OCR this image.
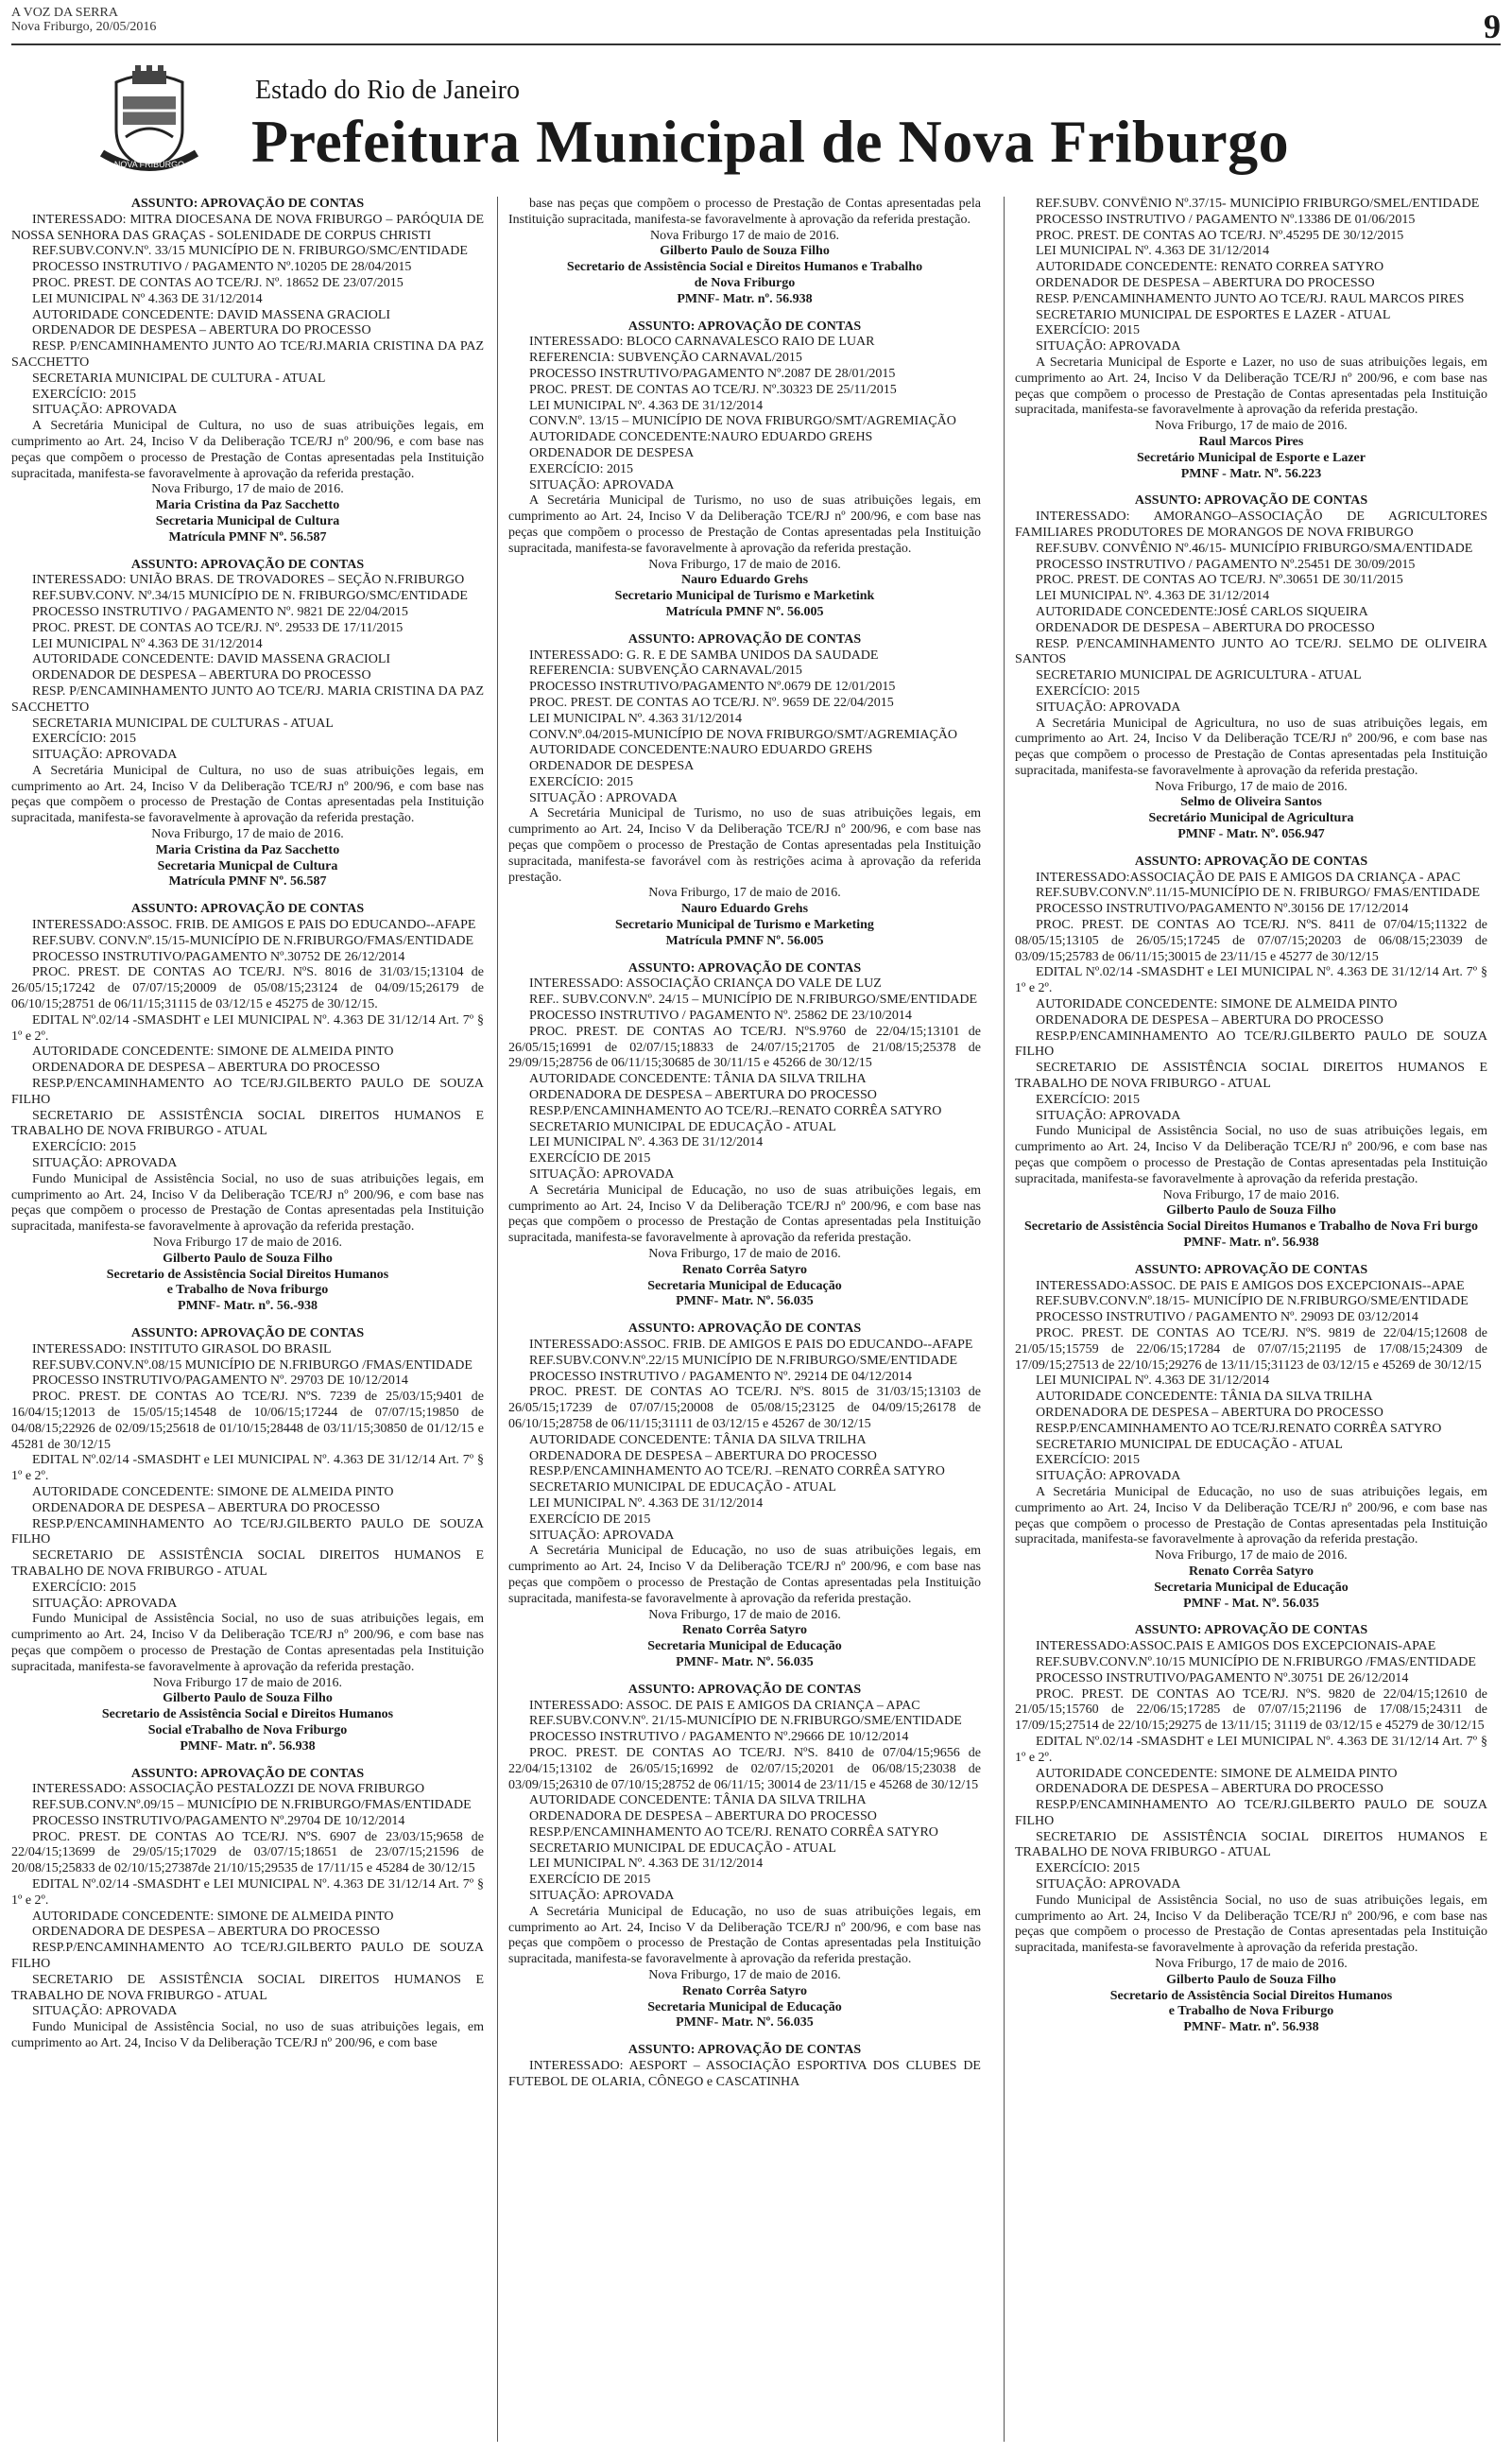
A VOZ DA SERRA
Nova Friburgo, 20/05/2016	9
NOVA FRIBURGO
Estado do Rio de Janeiro
Prefeitura Municipal de Nova Friburgo

ASSUNTO: APROVAÇÃO DE CONTAS

INTERESSADO: MITRA DIOCESANA DE NOVA FRIBURGO – PARÓQUIA DE NOSSA SENHORA DAS GRAÇAS - SOLENIDADE DE CORPUS CHRISTI

REF.SUBV.CONV.Nº. 33/15 MUNICÍPIO DE N. FRIBURGO/SMC/ENTIDADE

PROCESSO INSTRUTIVO / PAGAMENTO Nº.10205 DE 28/04/2015

PROC. PREST. DE CONTAS AO TCE/RJ. Nº. 18652 DE 23/07/2015

LEI MUNICIPAL Nº 4.363 DE 31/12/2014

AUTORIDADE CONCEDENTE: DAVID MASSENA GRACIOLI

ORDENADOR DE DESPESA – ABERTURA DO PROCESSO

RESP. P/ENCAMINHAMENTO JUNTO AO TCE/RJ.MARIA CRISTINA DA PAZ SACCHETTO

SECRETARIA MUNICIPAL DE CULTURA - ATUAL

EXERCÍCIO: 2015

SITUAÇÃO: APROVADA

A Secretária Municipal de Cultura, no uso de suas atribuições legais, em cumprimento ao Art. 24, Inciso V da Deliberação TCE/RJ nº 200/96, e com base nas peças que compõem o processo de Prestação de Contas apresentadas pela Instituição supracitada, manifesta-se favoravelmente à aprovação da referida prestação.

Nova Friburgo, 17 de maio de 2016.

Maria Cristina da Paz Sacchetto

Secretaria Municipal de Cultura

Matrícula PMNF Nº. 56.587

ASSUNTO: APROVAÇÃO DE CONTAS

INTERESSADO: UNIÃO BRAS. DE TROVADORES – SEÇÃO N.FRIBURGO

REF.SUBV.CONV. Nº.34/15 MUNICÍPIO DE N. FRIBURGO/SMC/ENTIDADE

PROCESSO INSTRUTIVO / PAGAMENTO Nº. 9821 DE 22/04/2015

PROC. PREST. DE CONTAS AO TCE/RJ. Nº. 29533 DE 17/11/2015

LEI MUNICIPAL Nº 4.363 DE 31/12/2014

AUTORIDADE CONCEDENTE: DAVID MASSENA GRACIOLI

ORDENADOR DE DESPESA – ABERTURA DO PROCESSO

RESP. P/ENCAMINHAMENTO JUNTO AO TCE/RJ. MARIA CRISTINA DA PAZ SACCHETTO

SECRETARIA MUNICIPAL DE CULTURAS - ATUAL

EXERCÍCIO: 2015

SITUAÇÃO: APROVADA

A Secretária Municipal de Cultura, no uso de suas atribuições legais, em cumprimento ao Art. 24, Inciso V da Deliberação TCE/RJ nº 200/96, e com base nas peças que compõem o processo de Prestação de Contas apresentadas pela Instituição supracitada, manifesta-se favoravelmente à aprovação da referida prestação.

Nova Friburgo, 17 de maio de 2016.

Maria Cristina da Paz Sacchetto

Secretaria Municpal de Cultura

Matrícula PMNF Nº. 56.587

ASSUNTO: APROVAÇÃO DE CONTAS

INTERESSADO:ASSOC. FRIB. DE AMIGOS E PAIS DO EDUCANDO--AFAPE

REF.SUBV. CONV.Nº.15/15-MUNICÍPIO DE N.FRIBURGO/FMAS/ENTIDADE

PROCESSO INSTRUTIVO/PAGAMENTO Nº.30752 DE 26/12/2014

PROC. PREST. DE CONTAS AO TCE/RJ. NºS. 8016 de 31/03/15;13104 de 26/05/15;17242 de 07/07/15;20009 de 05/08/15;23124 de 04/09/15;26179 de 06/10/15;28751 de 06/11/15;31115 de 03/12/15 e 45275 de 30/12/15.

EDITAL Nº.02/14 -SMASDHT e LEI MUNICIPAL Nº. 4.363 DE 31/12/14 Art. 7º § 1º e 2º.

AUTORIDADE CONCEDENTE: SIMONE DE ALMEIDA PINTO

ORDENADORA DE DESPESA – ABERTURA DO PROCESSO

RESP.P/ENCAMINHAMENTO AO TCE/RJ.GILBERTO PAULO DE SOUZA FILHO

SECRETARIO DE ASSISTÊNCIA SOCIAL DIREITOS HUMANOS E TRABALHO DE NOVA FRIBURGO - ATUAL

EXERCÍCIO: 2015

SITUAÇÃO: APROVADA

Fundo Municipal de Assistência Social, no uso de suas atribuições legais, em cumprimento ao Art. 24, Inciso V da Deliberação TCE/RJ nº 200/96, e com base nas peças que compõem o processo de Prestação de Contas apresentadas pela Instituição supracitada, manifesta-se favoravelmente à aprovação da referida prestação.

Nova Friburgo 17 de maio de 2016.

Gilberto Paulo de Souza Filho

Secretario de Assistência Social Direitos Humanos

e Trabalho de Nova friburgo

PMNF- Matr. nº. 56.-938

ASSUNTO: APROVAÇÃO DE CONTAS

INTERESSADO: INSTITUTO GIRASOL DO BRASIL

REF.SUBV.CONV.Nº.08/15 MUNICÍPIO DE N.FRIBURGO /FMAS/ENTIDADE

PROCESSO INSTRUTIVO/PAGAMENTO Nº. 29703 DE 10/12/2014

PROC. PREST. DE CONTAS AO TCE/RJ. NºS. 7239 de 25/03/15;9401 de 16/04/15;12013 de 15/05/15;14548 de 10/06/15;17244 de 07/07/15;19850 de 04/08/15;22926 de 02/09/15;25618 de 01/10/15;28448 de 03/11/15;30850 de 01/12/15 e 45281 de 30/12/15

EDITAL Nº.02/14 -SMASDHT e LEI MUNICIPAL Nº. 4.363 DE 31/12/14 Art. 7º § 1º e 2º.

AUTORIDADE CONCEDENTE: SIMONE DE ALMEIDA PINTO

ORDENADORA DE DESPESA – ABERTURA DO PROCESSO

RESP.P/ENCAMINHAMENTO AO TCE/RJ.GILBERTO PAULO DE SOUZA FILHO

SECRETARIO DE ASSISTÊNCIA SOCIAL DIREITOS HUMANOS E TRABALHO DE NOVA FRIBURGO - ATUAL

EXERCÍCIO: 2015

SITUAÇÃO: APROVADA

Fundo Municipal de Assistência Social, no uso de suas atribuições legais, em cumprimento ao Art. 24, Inciso V da Deliberação TCE/RJ nº 200/96, e com base nas peças que compõem o processo de Prestação de Contas apresentadas pela Instituição supracitada, manifesta-se favoravelmente à aprovação da referida prestação.

Nova Friburgo 17 de maio de 2016.

Gilberto Paulo de Souza Filho

Secretario de Assistência Social e Direitos Humanos

Social eTrabalho de Nova Friburgo

PMNF- Matr. nº. 56.938

ASSUNTO: APROVAÇÃO DE CONTAS

INTERESSADO: ASSOCIAÇÃO PESTALOZZI DE NOVA FRIBURGO

REF.SUB.CONV.Nº.09/15 – MUNICÍPIO DE N.FRIBURGO/FMAS/ENTIDADE

PROCESSO INSTRUTIVO/PAGAMENTO Nº.29704 DE 10/12/2014

PROC. PREST. DE CONTAS AO TCE/RJ. NºS. 6907 de 23/03/15;9658 de 22/04/15;13699 de 29/05/15;17029 de 03/07/15;18651 de 23/07/15;21596 de 20/08/15;25833 de 02/10/15;27387de 21/10/15;29535 de 17/11/15 e 45284 de 30/12/15

EDITAL Nº.02/14 -SMASDHT e LEI MUNICIPAL Nº. 4.363 DE 31/12/14 Art. 7º § 1º e 2º.

AUTORIDADE CONCEDENTE: SIMONE DE ALMEIDA PINTO

ORDENADORA DE DESPESA – ABERTURA DO PROCESSO

RESP.P/ENCAMINHAMENTO AO TCE/RJ.GILBERTO PAULO DE SOUZA FILHO

SECRETARIO DE ASSISTÊNCIA SOCIAL DIREITOS HUMANOS E TRABALHO DE NOVA FRIBURGO - ATUAL

SITUAÇÃO: APROVADA

Fundo Municipal de Assistência Social, no uso de suas atribuições legais, em cumprimento ao Art. 24, Inciso V da Deliberação TCE/RJ nº 200/96, e com base

base nas peças que compõem o processo de Prestação de Contas apresentadas pela Instituição supracitada, manifesta-se favoravelmente à aprovação da referida prestação.

Nova Friburgo 17 de maio de 2016.

Gilberto Paulo de Souza Filho

Secretario de Assistência Social e Direitos Humanos e Trabalho

de Nova Friburgo

PMNF- Matr. nº. 56.938

ASSUNTO: APROVAÇÃO DE CONTAS

INTERESSADO: BLOCO CARNAVALESCO RAIO DE LUAR

REFERENCIA: SUBVENÇÃO CARNAVAL/2015

PROCESSO INSTRUTIVO/PAGAMENTO Nº.2087 DE 28/01/2015

PROC. PREST. DE CONTAS AO TCE/RJ. Nº.30323 DE 25/11/2015

LEI MUNICIPAL Nº. 4.363 DE 31/12/2014

CONV.Nº. 13/15 – MUNICÍPIO DE NOVA FRIBURGO/SMT/AGREMIAÇÃO

AUTORIDADE CONCEDENTE:NAURO EDUARDO GREHS

ORDENADOR DE DESPESA

EXERCÍCIO: 2015

SITUAÇÃO: APROVADA

A Secretária Municipal de Turismo, no uso de suas atribuições legais, em cumprimento ao Art. 24, Inciso V da Deliberação TCE/RJ nº 200/96, e com base nas peças que compõem o processo de Prestação de Contas apresentadas pela Instituição supracitada, manifesta-se favoravelmente à aprovação da referida prestação.

Nova Friburgo, 17 de maio de 2016.

Nauro Eduardo Grehs

Secretario Municipal de Turismo e Marketink

Matrícula PMNF Nº. 56.005

ASSUNTO: APROVAÇÃO DE CONTAS

INTERESSADO: G. R. E DE SAMBA UNIDOS DA SAUDADE

REFERENCIA: SUBVENÇÃO CARNAVAL/2015

PROCESSO INSTRUTIVO/PAGAMENTO Nº.0679 DE 12/01/2015

PROC. PREST. DE CONTAS AO TCE/RJ. Nº. 9659 DE 22/04/2015

LEI MUNICIPAL Nº. 4.363 31/12/2014

CONV.Nº.04/2015-MUNICÍPIO DE NOVA FRIBURGO/SMT/AGREMIAÇÃO

AUTORIDADE CONCEDENTE:NAURO EDUARDO GREHS

ORDENADOR DE DESPESA

EXERCÍCIO: 2015

SITUAÇÃO : APROVADA

A Secretária Municipal de Turismo, no uso de suas atribuições legais, em cumprimento ao Art. 24, Inciso V da Deliberação TCE/RJ nº 200/96, e com base nas peças que compõem o processo de Prestação de Contas apresentadas pela Instituição supracitada, manifesta-se favorável com às restrições acima à aprovação da referida prestação.

Nova Friburgo, 17 de maio de 2016.

Nauro Eduardo Grehs

Secretario Municipal de Turismo e Marketing

Matrícula PMNF Nº. 56.005

ASSUNTO: APROVAÇÃO DE CONTAS

INTERESSADO: ASSOCIAÇÃO CRIANÇA DO VALE DE LUZ

REF.. SUBV.CONV.Nº. 24/15 – MUNICÍPIO DE N.FRIBURGO/SME/ENTIDADE

PROCESSO INSTRUTIVO / PAGAMENTO Nº. 25862 DE 23/10/2014

PROC. PREST. DE CONTAS AO TCE/RJ. NºS.9760 de 22/04/15;13101 de 26/05/15;16991 de 02/07/15;18833 de 24/07/15;21705 de 21/08/15;25378 de 29/09/15;28756 de 06/11/15;30685 de 30/11/15 e 45266 de 30/12/15

AUTORIDADE CONCEDENTE: TÂNIA DA SILVA TRILHA

ORDENADORA DE DESPESA – ABERTURA DO PROCESSO

RESP.P/ENCAMINHAMENTO AO TCE/RJ.–RENATO CORRÊA SATYRO

SECRETARIO MUNICIPAL DE EDUCAÇÃO - ATUAL

LEI MUNICIPAL Nº. 4.363 DE 31/12/2014

EXERCÍCIO DE 2015

SITUAÇÃO: APROVADA

A Secretária Municipal de Educação, no uso de suas atribuições legais, em cumprimento ao Art. 24, Inciso V da Deliberação TCE/RJ nº 200/96, e com base nas peças que compõem o processo de Prestação de Contas apresentadas pela Instituição supracitada, manifesta-se favoravelmente à aprovação da referida prestação.

Nova Friburgo, 17 de maio de 2016.

Renato Corrêa Satyro

Secretaria Municipal de Educação

PMNF- Matr. Nº. 56.035

ASSUNTO: APROVAÇÃO DE CONTAS

INTERESSADO:ASSOC. FRIB. DE AMIGOS E PAIS DO EDUCANDO--AFAPE

REF.SUBV.CONV.Nº.22/15 MUNICÍPIO DE N.FRIBURGO/SME/ENTIDADE

PROCESSO INSTRUTIVO / PAGAMENTO Nº. 29214 DE 04/12/2014

PROC. PREST. DE CONTAS AO TCE/RJ. NºS. 8015 de 31/03/15;13103 de 26/05/15;17239 de 07/07/15;20008 de 05/08/15;23125 de 04/09/15;26178 de 06/10/15;28758 de 06/11/15;31111 de 03/12/15 e 45267 de 30/12/15

AUTORIDADE CONCEDENTE: TÂNIA DA SILVA TRILHA

ORDENADORA DE DESPESA – ABERTURA DO PROCESSO

RESP.P/ENCAMINHAMENTO AO TCE/RJ. –RENATO CORRÊA SATYRO

SECRETARIO MUNICIPAL DE EDUCAÇÃO - ATUAL

LEI MUNICIPAL Nº. 4.363 DE 31/12/2014

EXERCÍCIO DE 2015

SITUAÇÃO: APROVADA

A Secretária Municipal de Educação, no uso de suas atribuições legais, em cumprimento ao Art. 24, Inciso V da Deliberação TCE/RJ nº 200/96, e com base nas peças que compõem o processo de Prestação de Contas apresentadas pela Instituição supracitada, manifesta-se favoravelmente à aprovação da referida prestação.

Nova Friburgo, 17 de maio de 2016.

Renato Corrêa Satyro

Secretaria Municipal de Educação

PMNF- Matr. Nº. 56.035

ASSUNTO: APROVAÇÃO DE CONTAS

INTERESSADO: ASSOC. DE PAIS E AMIGOS DA CRIANÇA – APAC

REF.SUBV.CONV.Nº. 21/15-MUNICÍPIO DE N.FRIBURGO/SME/ENTIDADE

PROCESSO INSTRUTIVO / PAGAMENTO Nº.29666 DE 10/12/2014

PROC. PREST. DE CONTAS AO TCE/RJ. NºS. 8410 de 07/04/15;9656 de 22/04/15;13102 de 26/05/15;16992 de 02/07/15;20201 de 06/08/15;23038 de 03/09/15;26310 de 07/10/15;28752 de 06/11/15; 30014 de 23/11/15 e 45268 de 30/12/15

AUTORIDADE CONCEDENTE: TÂNIA DA SILVA TRILHA

ORDENADORA DE DESPESA – ABERTURA DO PROCESSO

RESP.P/ENCAMINHAMENTO AO TCE/RJ. RENATO CORRÊA SATYRO

SECRETARIO MUNICIPAL DE EDUCAÇÃO - ATUAL

LEI MUNICIPAL Nº. 4.363 DE 31/12/2014

EXERCÍCIO DE 2015

SITUAÇÃO: APROVADA

A Secretária Municipal de Educação, no uso de suas atribuições legais, em cumprimento ao Art. 24, Inciso V da Deliberação TCE/RJ nº 200/96, e com base nas peças que compõem o processo de Prestação de Contas apresentadas pela Instituição supracitada, manifesta-se favoravelmente à aprovação da referida prestação.

Nova Friburgo, 17 de maio de 2016.

Renato Corrêa Satyro

Secretaria Municipal de Educação

PMNF- Matr. Nº. 56.035

ASSUNTO: APROVAÇÃO DE CONTAS

INTERESSADO: AESPORT – ASSOCIAÇÃO ESPORTIVA DOS CLUBES DE FUTEBOL DE OLARIA, CÔNEGO e CASCATINHA

REF.SUBV. CONVÊNIO Nº.37/15- MUNICÍPIO FRIBURGO/SMEL/ENTIDADE

PROCESSO INSTRUTIVO / PAGAMENTO Nº.13386 DE 01/06/2015

PROC. PREST. DE CONTAS AO TCE/RJ. Nº.45295 DE 30/12/2015

LEI MUNICIPAL Nº. 4.363 DE 31/12/2014

AUTORIDADE CONCEDENTE: RENATO CORREA SATYRO

ORDENADOR DE DESPESA – ABERTURA DO PROCESSO

RESP. P/ENCAMINHAMENTO JUNTO AO TCE/RJ. RAUL MARCOS PIRES

SECRETARIO MUNICIPAL DE ESPORTES E LAZER - ATUAL

EXERCÍCIO: 2015

SITUAÇÃO: APROVADA

A Secretaria Municipal de Esporte e Lazer, no uso de suas atribuições legais, em cumprimento ao Art. 24, Inciso V da Deliberação TCE/RJ nº 200/96, e com base nas peças que compõem o processo de Prestação de Contas apresentadas pela Instituição supracitada, manifesta-se favoravelmente à aprovação da referida prestação.

Nova Friburgo, 17 de maio de 2016.

Raul Marcos Pires

Secretário Municipal de Esporte e Lazer

PMNF - Matr. Nº. 56.223

ASSUNTO: APROVAÇÃO DE CONTAS

INTERESSADO: AMORANGO–ASSOCIAÇÃO DE AGRICULTORES FAMILIARES PRODUTORES DE MORANGOS DE NOVA FRIBURGO

REF.SUBV. CONVÊNIO Nº.46/15- MUNICÍPIO FRIBURGO/SMA/ENTIDADE

PROCESSO INSTRUTIVO / PAGAMENTO Nº.25451 DE 30/09/2015

PROC. PREST. DE CONTAS AO TCE/RJ. Nº.30651 DE 30/11/2015

LEI MUNICIPAL Nº. 4.363 DE 31/12/2014

AUTORIDADE CONCEDENTE:JOSÉ CARLOS SIQUEIRA

ORDENADOR DE DESPESA – ABERTURA DO PROCESSO

RESP. P/ENCAMINHAMENTO JUNTO AO TCE/RJ. SELMO DE OLIVEIRA SANTOS

SECRETARIO MUNICIPAL DE AGRICULTURA - ATUAL

EXERCÍCIO: 2015

SITUAÇÃO: APROVADA

A Secretária Municipal de Agricultura, no uso de suas atribuições legais, em cumprimento ao Art. 24, Inciso V da Deliberação TCE/RJ nº 200/96, e com base nas peças que compõem o processo de Prestação de Contas apresentadas pela Instituição supracitada, manifesta-se favoravelmente à aprovação da referida prestação.

Nova Friburgo, 17 de maio de 2016.

Selmo de Oliveira Santos

Secretário Municipal de Agricultura

PMNF - Matr. Nº. 056.947

ASSUNTO: APROVAÇÃO DE CONTAS

INTERESSADO:ASSOCIAÇÃO DE PAIS E AMIGOS DA CRIANÇA - APAC

REF.SUBV.CONV.Nº.11/15-MUNICÍPIO DE N. FRIBURGO/ FMAS/ENTIDADE

PROCESSO INSTRUTIVO/PAGAMENTO Nº.30156 DE 17/12/2014

PROC. PREST. DE CONTAS AO TCE/RJ. NºS. 8411 de 07/04/15;11322 de 08/05/15;13105 de 26/05/15;17245 de 07/07/15;20203 de 06/08/15;23039 de 03/09/15;25783 de 06/11/15;30015 de 23/11/15 e 45277 de 30/12/15

EDITAL Nº.02/14 -SMASDHT e LEI MUNICIPAL Nº. 4.363 DE 31/12/14 Art. 7º § 1º e 2º.

AUTORIDADE CONCEDENTE: SIMONE DE ALMEIDA PINTO

ORDENADORA DE DESPESA – ABERTURA DO PROCESSO

RESP.P/ENCAMINHAMENTO AO TCE/RJ.GILBERTO PAULO DE SOUZA FILHO

SECRETARIO DE ASSISTÊNCIA SOCIAL DIREITOS HUMANOS E TRABALHO DE NOVA FRIBURGO - ATUAL

EXERCÍCIO: 2015

SITUAÇÃO: APROVADA

Fundo Municipal de Assistência Social, no uso de suas atribuições legais, em cumprimento ao Art. 24, Inciso V da Deliberação TCE/RJ nº 200/96, e com base nas peças que compõem o processo de Prestação de Contas apresentadas pela Instituição supracitada, manifesta-se favoravelmente à aprovação da referida prestação.

Nova Friburgo, 17 de maio 2016.

Gilberto Paulo de Souza Filho

Secretario de Assistência Social Direitos Humanos e Trabalho de Nova Fri burgo

PMNF- Matr. nº. 56.938

ASSUNTO: APROVAÇÃO DE CONTAS

INTERESSADO:ASSOC. DE PAIS E AMIGOS DOS EXCEPCIONAIS--APAE

REF.SUBV.CONV.Nº.18/15- MUNICÍPIO DE N.FRIBURGO/SME/ENTIDADE

PROCESSO INSTRUTIVO / PAGAMENTO Nº. 29093 DE 03/12/2014

PROC. PREST. DE CONTAS AO TCE/RJ. NºS. 9819 de 22/04/15;12608 de 21/05/15;15759 de 22/06/15;17284 de 07/07/15;21195 de 17/08/15;24309 de 17/09/15;27513 de 22/10/15;29276 de 13/11/15;31123 de 03/12/15 e 45269 de 30/12/15

LEI MUNICIPAL Nº. 4.363 DE 31/12/2014

AUTORIDADE CONCEDENTE: TÂNIA DA SILVA TRILHA

ORDENADORA DE DESPESA – ABERTURA DO PROCESSO

RESP.P/ENCAMINHAMENTO AO TCE/RJ.RENATO CORRÊA SATYRO

SECRETARIO MUNICIPAL DE EDUCAÇÃO - ATUAL

EXERCÍCIO: 2015

SITUAÇÃO: APROVADA

A Secretária Municipal de Educação, no uso de suas atribuições legais, em cumprimento ao Art. 24, Inciso V da Deliberação TCE/RJ nº 200/96, e com base nas peças que compõem o processo de Prestação de Contas apresentadas pela Instituição supracitada, manifesta-se favoravelmente à aprovação da referida prestação.

Nova Friburgo, 17 de maio de 2016.

Renato Corrêa Satyro

Secretaria Municipal de Educação

PMNF - Mat. Nº. 56.035

ASSUNTO: APROVAÇÃO DE CONTAS

INTERESSADO:ASSOC.PAIS E AMIGOS DOS EXCEPCIONAIS-APAE

REF.SUBV.CONV.Nº.10/15 MUNICÍPIO DE N.FRIBURGO /FMAS/ENTIDADE

PROCESSO INSTRUTIVO/PAGAMENTO Nº.30751 DE 26/12/2014

PROC. PREST. DE CONTAS AO TCE/RJ. NºS. 9820 de 22/04/15;12610 de 21/05/15;15760 de 22/06/15;17285 de 07/07/15;21196 de 17/08/15;24311 de 17/09/15;27514 de 22/10/15;29275 de 13/11/15; 31119 de 03/12/15 e 45279 de 30/12/15

EDITAL Nº.02/14 -SMASDHT e LEI MUNICIPAL Nº. 4.363 DE 31/12/14 Art. 7º § 1º e 2º.

AUTORIDADE CONCEDENTE: SIMONE DE ALMEIDA PINTO

ORDENADORA DE DESPESA – ABERTURA DO PROCESSO

RESP.P/ENCAMINHAMENTO AO TCE/RJ.GILBERTO PAULO DE SOUZA FILHO

SECRETARIO DE ASSISTÊNCIA SOCIAL DIREITOS HUMANOS E TRABALHO DE NOVA FRIBURGO - ATUAL

EXERCÍCIO: 2015

SITUAÇÃO: APROVADA

Fundo Municipal de Assistência Social, no uso de suas atribuições legais, em cumprimento ao Art. 24, Inciso V da Deliberação TCE/RJ nº 200/96, e com base nas peças que compõem o processo de Prestação de Contas apresentadas pela Instituição supracitada, manifesta-se favoravelmente à aprovação da referida prestação.

Nova Friburgo, 17 de maio de 2016.

Gilberto Paulo de Souza Filho

Secretario de Assistência Social Direitos Humanos

e Trabalho de Nova Friburgo

PMNF- Matr. nº. 56.938
